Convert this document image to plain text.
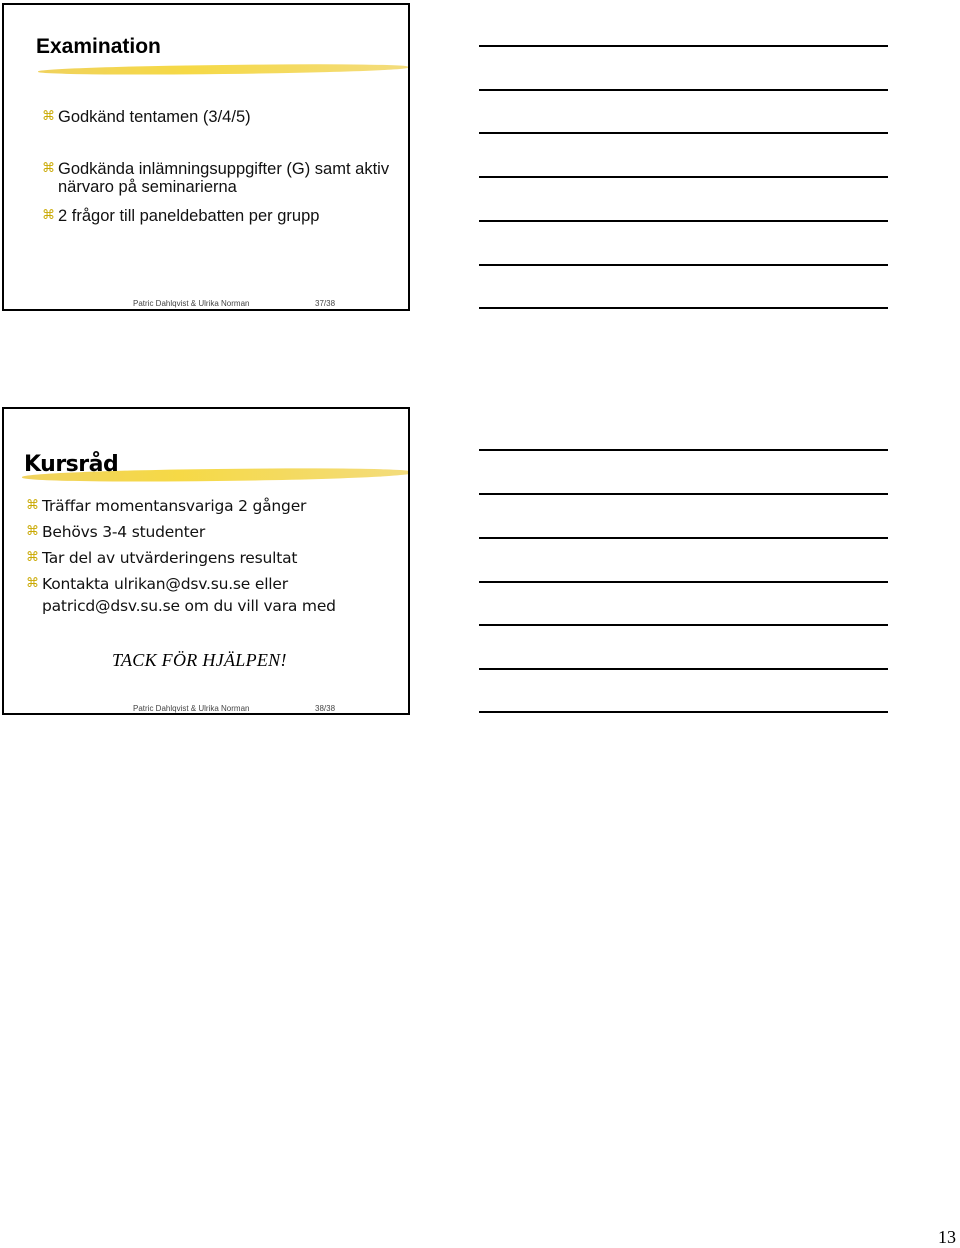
Examination
⌘ Godkänd tentamen (3/4/5)
⌘ Godkända inlämningsuppgifter (G) samt aktiv närvaro på seminarierna
⌘ 2 frågor till paneldebatten per grupp
Patric Dahlqvist & Ulrika Norman	37/38
Kursråd
⌘ Träffar momentansvariga 2 gånger
⌘ Behövs 3-4 studenter
⌘ Tar del av utvärderingens resultat
⌘ Kontakta ulrikan@dsv.su.se eller patricd@dsv.su.se om du vill vara med
TACK FÖR HJÄLPEN!
Patric Dahlqvist & Ulrika Norman	38/38
13
